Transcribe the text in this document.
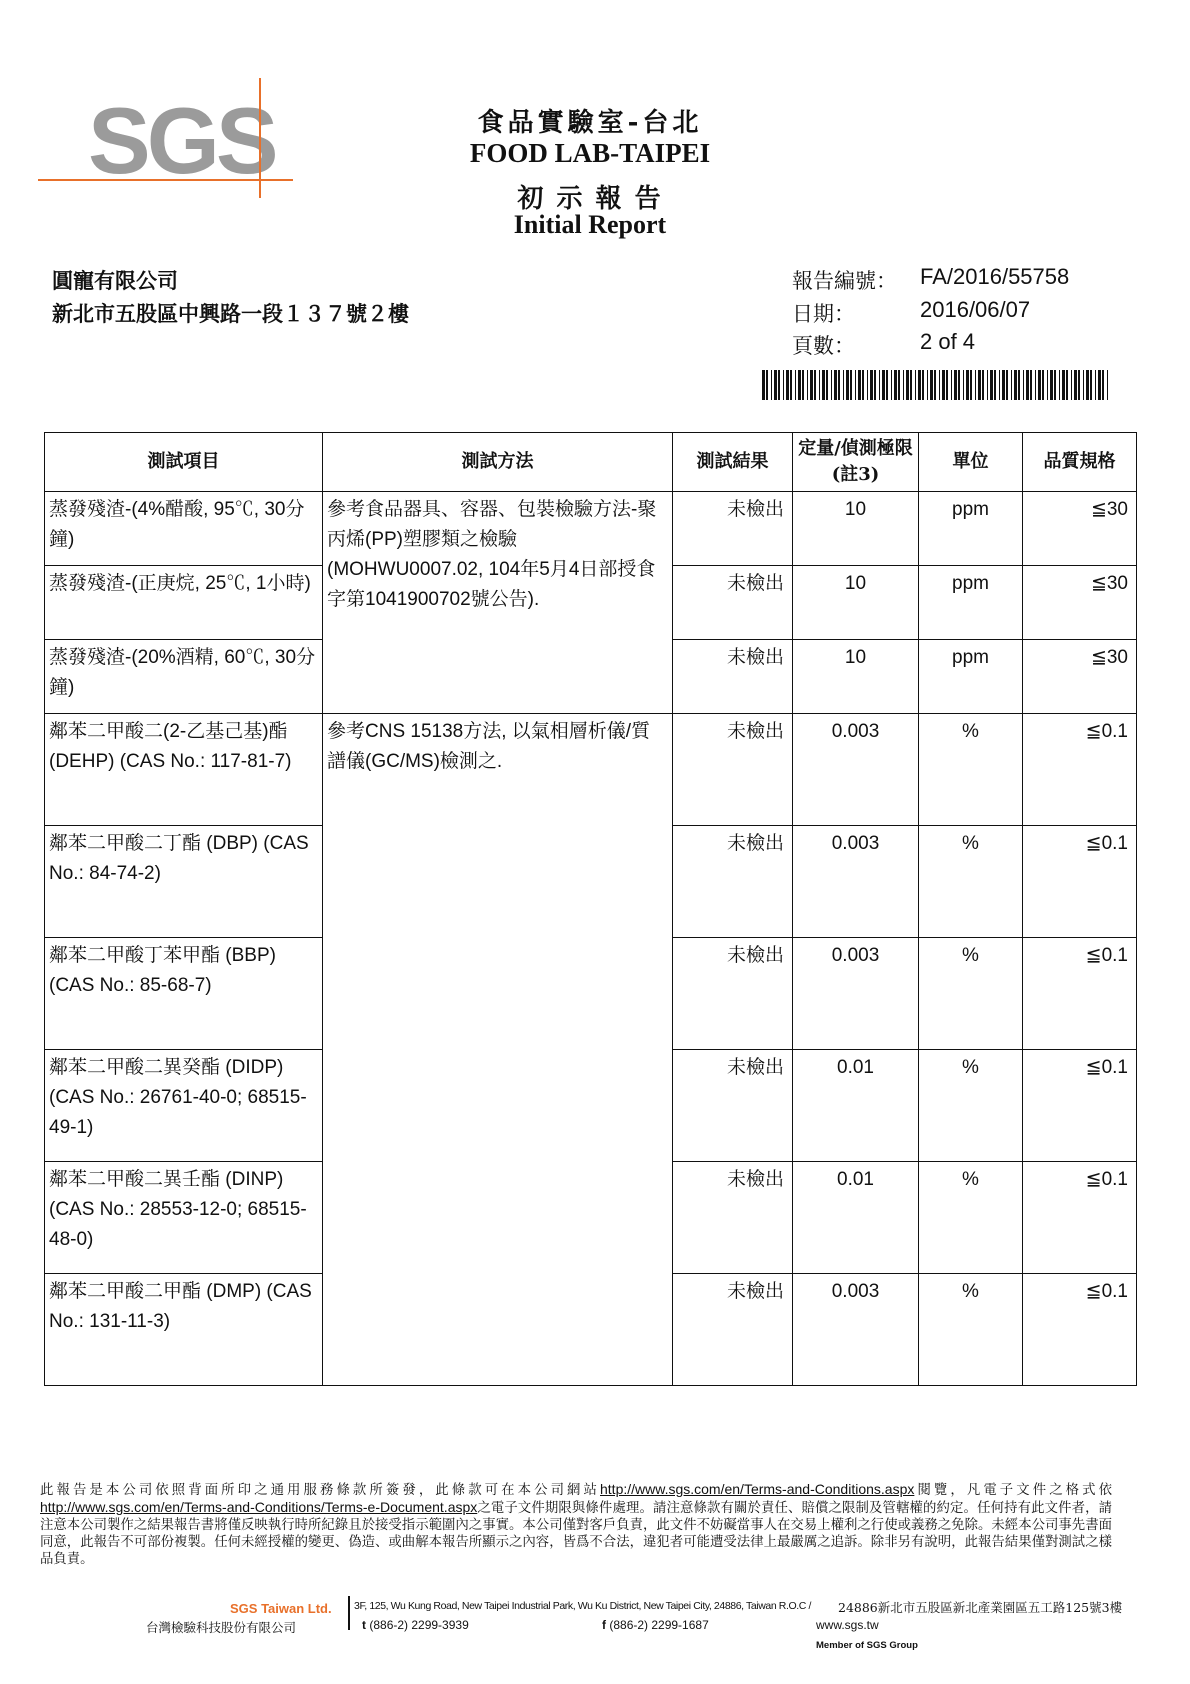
SGS	食品實驗室-台北
FOOD LAB-TAIPEI
初 示 報 告
Initial Report
圓寵有限公司
新北市五股區中興路一段１３７號２樓
報告編號： FA/2016/55758
日期：	2016/06/07
頁數：	2 of 4
測試項目	測試方法	測試結果	定量/偵測極限(註3)	單位	品質規格
蒸發殘渣-(4%醋酸, 95℃, 30分鐘)	參考食品器具、容器、包裝檢驗方法-聚丙烯(PP)塑膠類之檢驗(MOHWU0007.02, 104年5月4日部授食字第1041900702號公告).	未檢出	10	ppm	≦30
蒸發殘渣-(正庚烷, 25℃, 1小時)		未檢出	10	ppm	≦30
蒸發殘渣-(20%酒精, 60℃, 30分鐘)		未檢出	10	ppm	≦30
鄰苯二甲酸二(2-乙基己基)酯 (DEHP) (CAS No.: 117-81-7)	參考CNS 15138方法, 以氣相層析儀/質譜儀(GC/MS)檢測之.	未檢出	0.003	%	≦0.1
鄰苯二甲酸二丁酯 (DBP) (CAS No.: 84-74-2)		未檢出	0.003	%	≦0.1
鄰苯二甲酸丁苯甲酯 (BBP) (CAS No.: 85-68-7)		未檢出	0.003	%	≦0.1
鄰苯二甲酸二異癸酯 (DIDP) (CAS No.: 26761-40-0; 68515-49-1)		未檢出	0.01	%	≦0.1
鄰苯二甲酸二異壬酯 (DINP) (CAS No.: 28553-12-0; 68515-48-0)		未檢出	0.01	%	≦0.1
鄰苯二甲酸二甲酯 (DMP) (CAS No.: 131-11-3)		未檢出	0.003	%	≦0.1
此報告是本公司依照背面所印之通用服務條款所簽發，此條款可在本公司網站http://www.sgs.com/en/Terms-and-Conditions.aspx閱覽，凡電子文件之格式依http://www.sgs.com/en/Terms-and-Conditions/Terms-e-Document.aspx之電子文件期限與條件處理。請注意條款有關於責任、賠償之限制及管轄權的約定。任何持有此文件者，請注意本公司製作之結果報告書將僅反映執行時所紀錄且於接受指示範圍內之事實。本公司僅對客戶負責，此文件不妨礙當事人在交易上權利之行使或義務之免除。未經本公司事先書面同意，此報告不可部份複製。任何未經授權的變更、偽造、或曲解本報告所顯示之內容，皆爲不合法，違犯者可能遭受法律上最嚴厲之追訴。除非另有說明，此報告結果僅對測試之樣品負責。
SGS Taiwan Ltd.
台灣檢驗科技股份有限公司
3F, 125, Wu Kung Road, New Taipei Industrial Park, Wu Ku District, New Taipei City, 24886, Taiwan R.O.C / 24886新北市五股區新北產業園區五工路125號3樓
t (886-2) 2299-3939	f (886-2) 2299-1687	www.sgs.tw
Member of SGS Group
